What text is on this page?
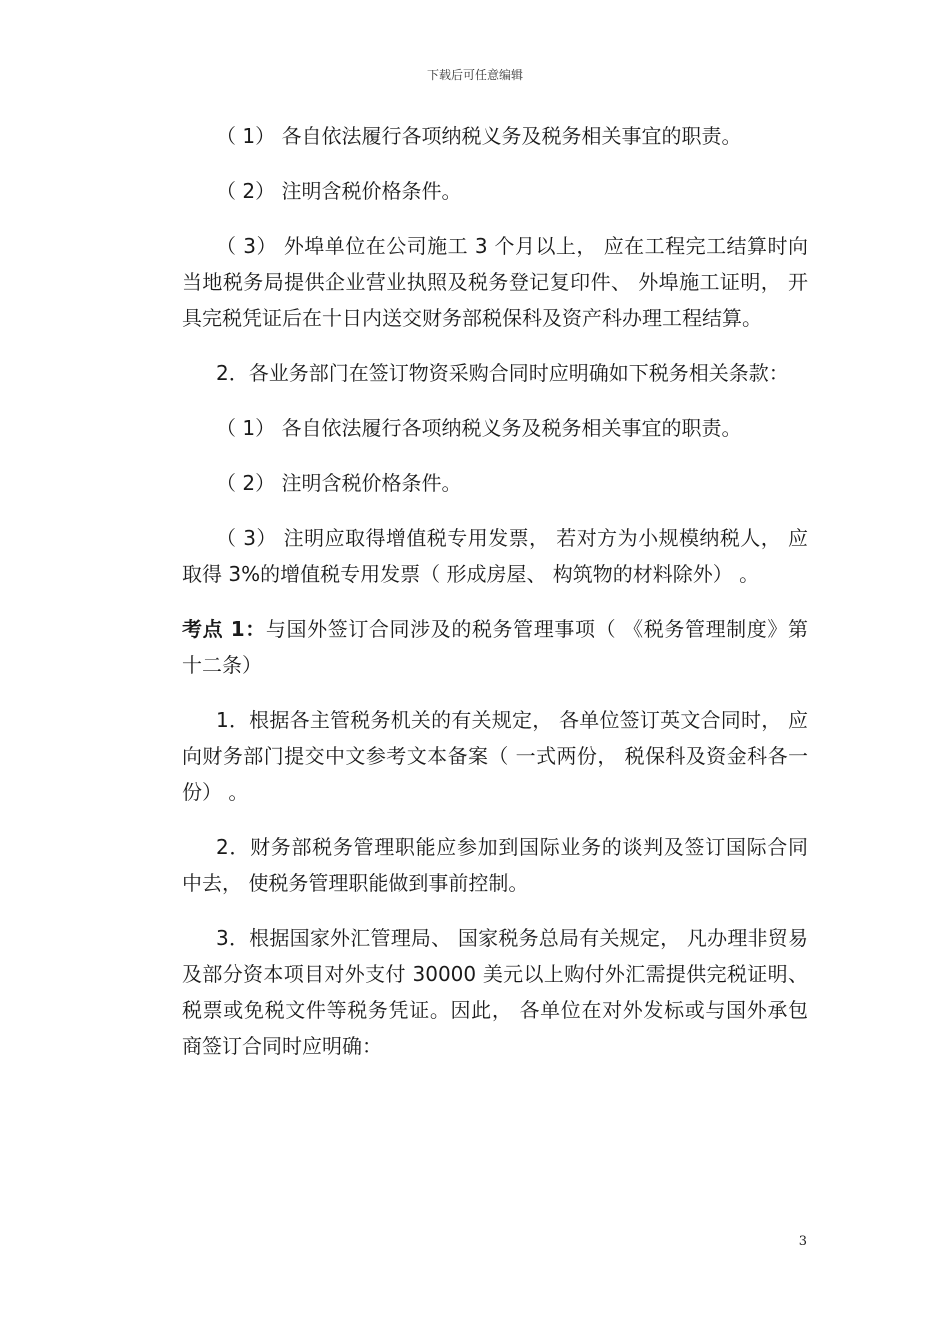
下载后可任意编辑

（ 1） 各自依法履行各项纳税义务及税务相关事宜的职责。

（ 2） 注明含税价格条件。

（ 3） 外埠单位在公司施工 3 个月以上， 应在工程完工结算时向当地税务局提供企业营业执照及税务登记复印件、 外埠施工证明， 开具完税凭证后在十日内送交财务部税保科及资产科办理工程结算。

2．各业务部门在签订物资采购合同时应明确如下税务相关条款：

（ 1） 各自依法履行各项纳税义务及税务相关事宜的职责。

（ 2） 注明含税价格条件。

（ 3） 注明应取得增值税专用发票， 若对方为小规模纳税人， 应取得 3%的增值税专用发票（ 形成房屋、 构筑物的材料除外） 。

考点 1：与国外签订合同涉及的税务管理事项（ 《税务管理制度》第十二条）

1．根据各主管税务机关的有关规定， 各单位签订英文合同时， 应向财务部门提交中文参考文本备案（ 一式两份， 税保科及资金科各一份） 。

2．财务部税务管理职能应参加到国际业务的谈判及签订国际合同中去， 使税务管理职能做到事前控制。

3．根据国家外汇管理局、 国家税务总局有关规定， 凡办理非贸易及部分资本项目对外支付 30000 美元以上购付外汇需提供完税证明、 税票或免税文件等税务凭证。因此， 各单位在对外发标或与国外承包商签订合同时应明确：

3
